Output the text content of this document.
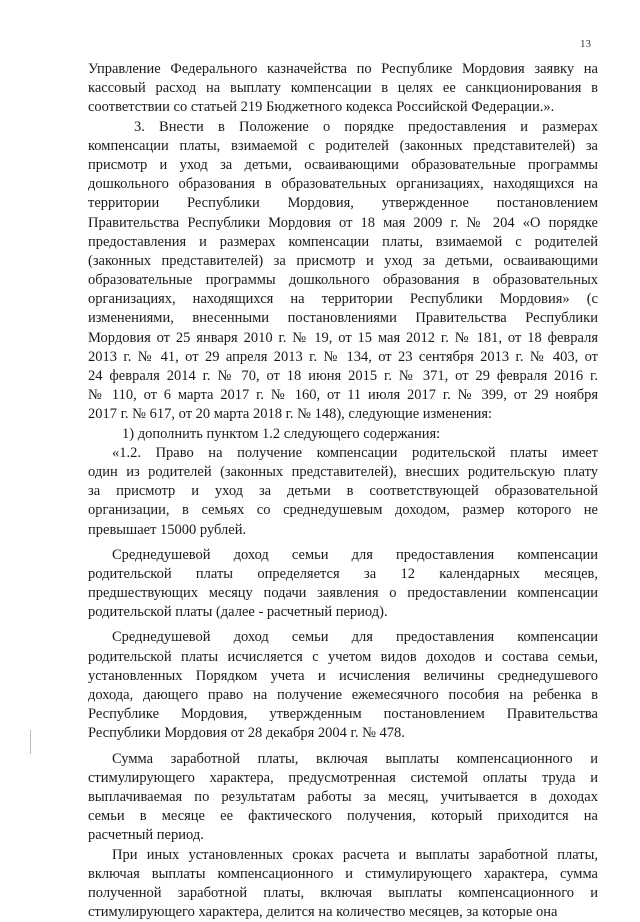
13
Управление Федерального казначейства по Республике Мордовия заявку на
кассовый расход на выплату компенсации в целях ее санкционирования в
соответствии со статьей 219 Бюджетного кодекса Российской Федерации.».
3. Внести в Положение о порядке предоставления и размерах
компенсации платы, взимаемой с родителей (законных представителей) за
присмотр и уход за детьми, осваивающими образовательные программы
дошкольного образования в образовательных организациях, находящихся на
территории Республики Мордовия, утвержденное постановлением
Правительства Республики Мордовия от 18 мая 2009 г. № 204 «О порядке
предоставления и размерах компенсации платы, взимаемой с родителей
(законных представителей) за присмотр и уход за детьми, осваивающими
образовательные программы дошкольного образования в образовательных
организациях, находящихся на территории Республики Мордовия» (с
изменениями, внесенными постановлениями Правительства Республики
Мордовия от 25 января 2010 г. № 19, от 15 мая 2012 г. № 181, от 18 февраля
2013 г. № 41, от 29 апреля 2013 г. № 134, от 23 сентября 2013 г. № 403, от
24 февраля 2014 г. № 70, от 18 июня 2015 г. № 371, от 29 февраля 2016 г.
№ 110, от 6 марта 2017 г. № 160, от 11 июля 2017 г. № 399, от 29 ноября
2017 г. № 617, от 20 марта 2018 г. № 148), следующие изменения:
1) дополнить пунктом 1.2 следующего содержания:
«1.2. Право на получение компенсации родительской платы имеет
один из родителей (законных представителей), внесших родительскую плату
за присмотр и уход за детьми в соответствующей образовательной
организации, в семьях со среднедушевым доходом, размер которого не
превышает 15000 рублей.
Среднедушевой доход семьи для предоставления компенсации
родительской платы определяется за 12 календарных месяцев,
предшествующих месяцу подачи заявления о предоставлении компенсации
родительской платы (далее - расчетный период).
Среднедушевой доход семьи для предоставления компенсации
родительской платы исчисляется с учетом видов доходов и состава семьи,
установленных Порядком учета и исчисления величины среднедушевого
дохода, дающего право на получение ежемесячного пособия на ребенка в
Республике Мордовия, утвержденным постановлением Правительства
Республики Мордовия от 28 декабря 2004 г. № 478.
Сумма заработной платы, включая выплаты компенсационного и
стимулирующего характера, предусмотренная системой оплаты труда и
выплачиваемая по результатам работы за месяц, учитывается в доходах
семьи в месяце ее фактического получения, который приходится на
расчетный период.
При иных установленных сроках расчета и выплаты заработной платы,
включая выплаты компенсационного и стимулирующего характера, сумма
полученной заработной платы, включая выплаты компенсационного и
стимулирующего характера, делится на количество месяцев, за которые она
